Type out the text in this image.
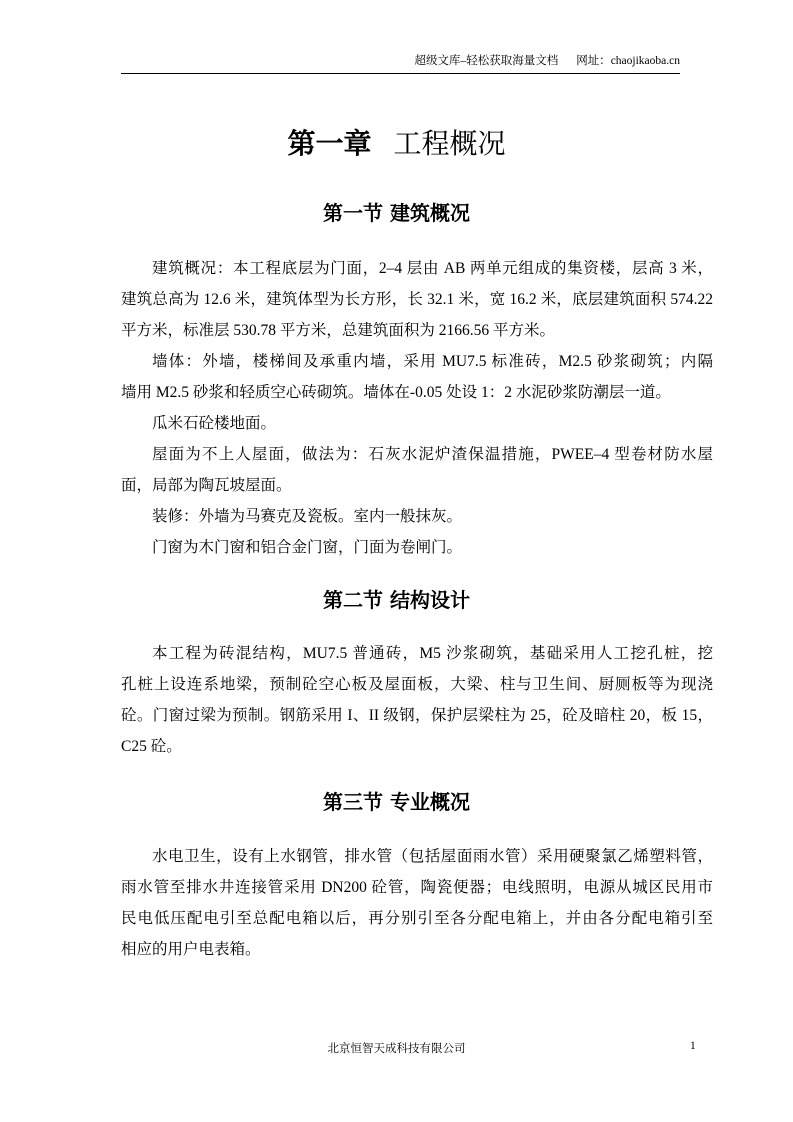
超级文库–轻松获取海量文档 网址：chaojikaoba.cn
第一章 工程概况
第一节 建筑概况
建筑概况：本工程底层为门面，2–4 层由 AB 两单元组成的集资楼，层高 3 米，
建筑总高为 12.6 米，建筑体型为长方形，长 32.1 米，宽 16.2 米，底层建筑面积 574.22
平方米，标准层 530.78 平方米，总建筑面积为 2166.56 平方米。
墙体：外墙，楼梯间及承重内墙，采用 MU7.5 标准砖，M2.5 砂浆砌筑；内隔
墙用 M2.5 砂浆和轻质空心砖砌筑。墙体在-0.05 处设 1：2 水泥砂浆防潮层一道。
瓜米石砼楼地面。
屋面为不上人屋面，做法为：石灰水泥炉渣保温措施，PWEE–4 型卷材防水屋
面，局部为陶瓦坡屋面。
装修：外墙为马赛克及瓷板。室内一般抹灰。
门窗为木门窗和铝合金门窗，门面为卷闸门。
第二节 结构设计
本工程为砖混结构，MU7.5 普通砖，M5 沙浆砌筑，基础采用人工挖孔桩，挖
孔桩上设连系地梁，预制砼空心板及屋面板，大梁、柱与卫生间、厨厕板等为现浇
砼。门窗过梁为预制。钢筋采用 I、II 级钢，保护层梁柱为 25，砼及暗柱 20，板 15，
C25 砼。
第三节 专业概况
水电卫生，设有上水钢管，排水管（包括屋面雨水管）采用硬聚氯乙烯塑料管，
雨水管至排水井连接管采用 DN200 砼管，陶瓷便器；电线照明，电源从城区民用市
民电低压配电引至总配电箱以后，再分别引至各分配电箱上，并由各分配电箱引至
相应的用户电表箱。
北京恒智天成科技有限公司	1
